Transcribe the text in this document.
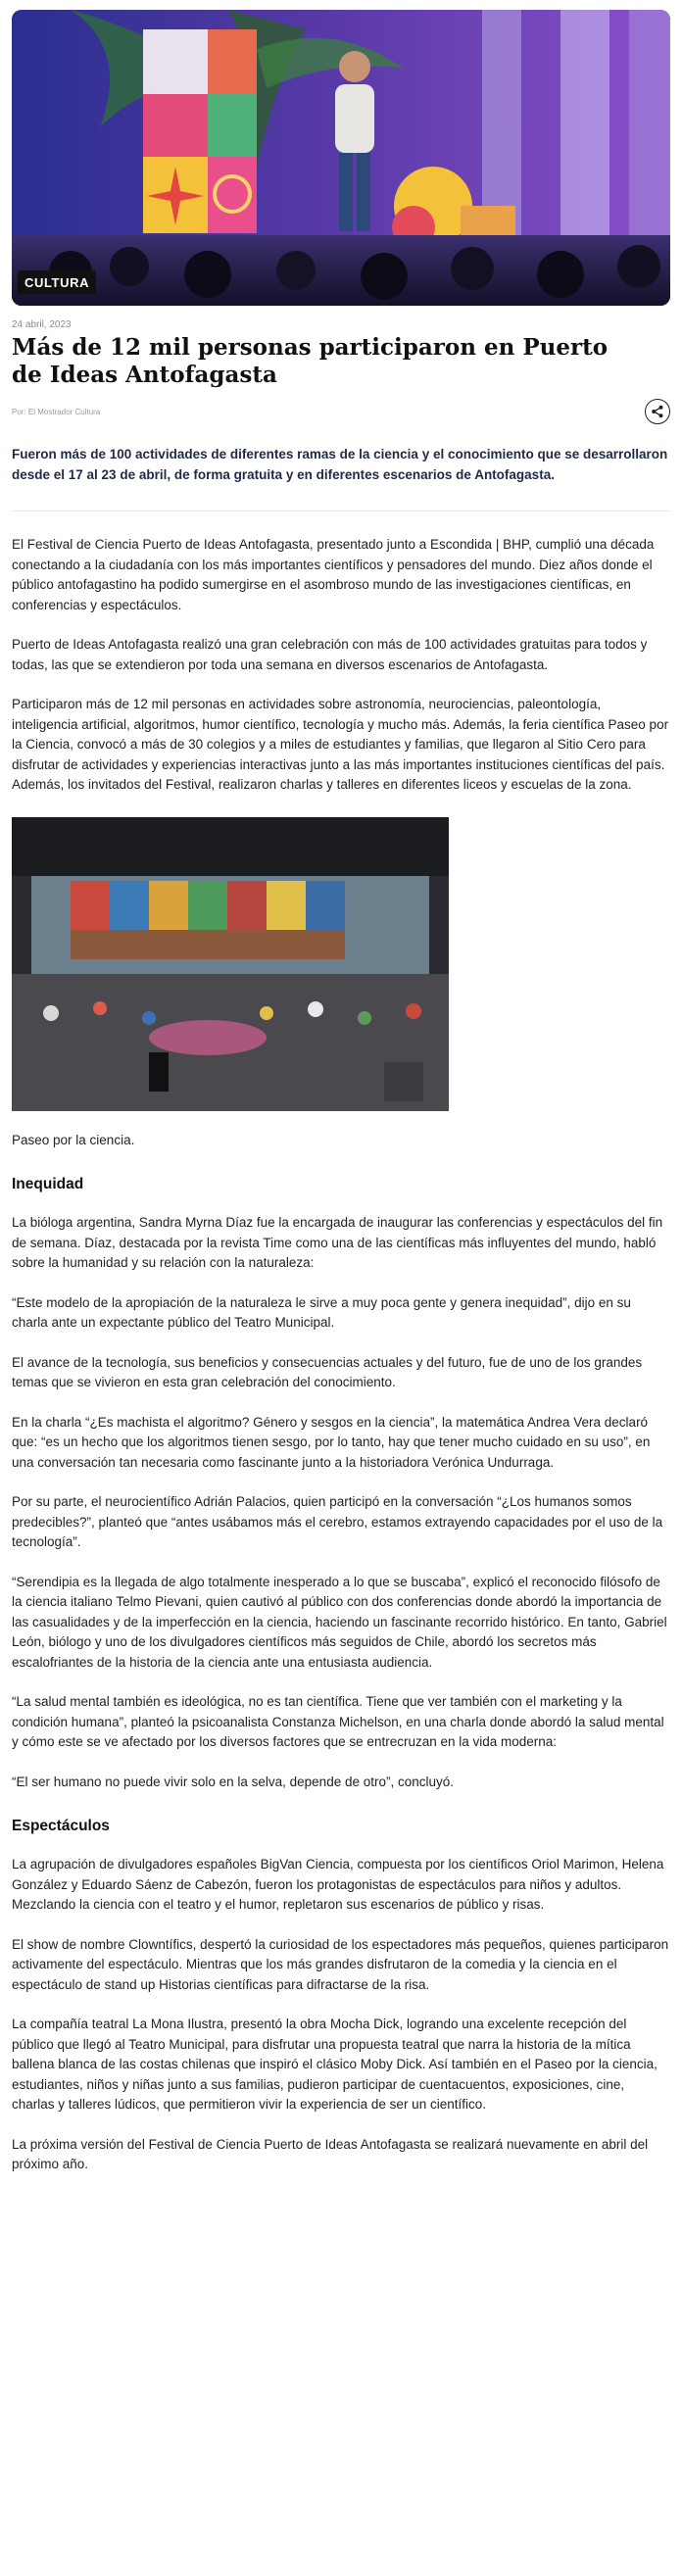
CULTURA
24 abril, 2023
Más de 12 mil personas participaron en Puerto de Ideas Antofagasta
Por: El Mostrador Cultura
Fueron más de 100 actividades de diferentes ramas de la ciencia y el conocimiento que se desarrollaron desde el 17 al 23 de abril, de forma gratuita y en diferentes escenarios de Antofagasta.

El Festival de Ciencia Puerto de Ideas Antofagasta, presentado junto a Escondida | BHP, cumplió una década conectando a la ciudadanía con los más importantes científicos y pensadores del mundo. Diez años donde el público antofagastino ha podido sumergirse en el asombroso mundo de las investigaciones científicas, en conferencias y espectáculos.

Puerto de Ideas Antofagasta realizó una gran celebración con más de 100 actividades gratuitas para todos y todas, las que se extendieron por toda una semana en diversos escenarios de Antofagasta.

Participaron más de 12 mil personas en actividades sobre astronomía, neurociencias, paleontología, inteligencia artificial, algoritmos, humor científico, tecnología y mucho más. Además, la feria científica Paseo por la Ciencia, convocó a más de 30 colegios y a miles de estudiantes y familias, que llegaron al Sitio Cero para disfrutar de actividades y experiencias interactivas junto a las más importantes instituciones científicas del país. Además, los invitados del Festival, realizaron charlas y talleres en diferentes liceos y escuelas de la zona.

Paseo por la ciencia.

Inequidad

La bióloga argentina, Sandra Myrna Díaz fue la encargada de inaugurar las conferencias y espectáculos del fin de semana. Díaz, destacada por la revista Time como una de las científicas más influyentes del mundo, habló sobre la humanidad y su relación con la naturaleza:

“Este modelo de la apropiación de la naturaleza le sirve a muy poca gente y genera inequidad”, dijo en su charla ante un expectante público del Teatro Municipal.

El avance de la tecnología, sus beneficios y consecuencias actuales y del futuro, fue de uno de los grandes temas que se vivieron en esta gran celebración del conocimiento.

En la charla “¿Es machista el algoritmo? Género y sesgos en la ciencia”, la matemática Andrea Vera declaró que: “es un hecho que los algoritmos tienen sesgo, por lo tanto, hay que tener mucho cuidado en su uso”, en una conversación tan necesaria como fascinante junto a la historiadora Verónica Undurraga.

Por su parte, el neurocientífico Adrián Palacios, quien participó en la conversación “¿Los humanos somos predecibles?”, planteó que “antes usábamos más el cerebro, estamos extrayendo capacidades por el uso de la tecnología”.

“Serendipia es la llegada de algo totalmente inesperado a lo que se buscaba”, explicó el reconocido filósofo de la ciencia italiano Telmo Pievani, quien cautivó al público con dos conferencias donde abordó la importancia de las casualidades y de la imperfección en la ciencia, haciendo un fascinante recorrido histórico. En tanto, Gabriel León, biólogo y uno de los divulgadores científicos más seguidos de Chile, abordó los secretos más escalofriantes de la historia de la ciencia ante una entusiasta audiencia.

“La salud mental también es ideológica, no es tan científica. Tiene que ver también con el marketing y la condición humana”, planteó la psicoanalista Constanza Michelson, en una charla donde abordó la salud mental y cómo este se ve afectado por los diversos factores que se entrecruzan en la vida moderna:

“El ser humano no puede vivir solo en la selva, depende de otro”, concluyó.

Espectáculos

La agrupación de divulgadores españoles BigVan Ciencia, compuesta por los científicos Oriol Marimon, Helena González y Eduardo Sáenz de Cabezón, fueron los protagonistas de espectáculos para niños y adultos. Mezclando la ciencia con el teatro y el humor, repletaron sus escenarios de público y risas.

El show de nombre Clowntífics, despertó la curiosidad de los espectadores más pequeños, quienes participaron activamente del espectáculo. Mientras que los más grandes disfrutaron de la comedia y la ciencia en el espectáculo de stand up Historias científicas para difractarse de la risa.

La compañía teatral La Mona Ilustra, presentó la obra Mocha Dick, logrando una excelente recepción del público que llegó al Teatro Municipal, para disfrutar una propuesta teatral que narra la historia de la mítica ballena blanca de las costas chilenas que inspiró el clásico Moby Dick. Así también en el Paseo por la ciencia, estudiantes, niños y niñas junto a sus familias, pudieron participar de cuentacuentos, exposiciones, cine, charlas y talleres lúdicos, que permitieron vivir la experiencia de ser un científico.

La próxima versión del Festival de Ciencia Puerto de Ideas Antofagasta se realizará nuevamente en abril del próximo año.
